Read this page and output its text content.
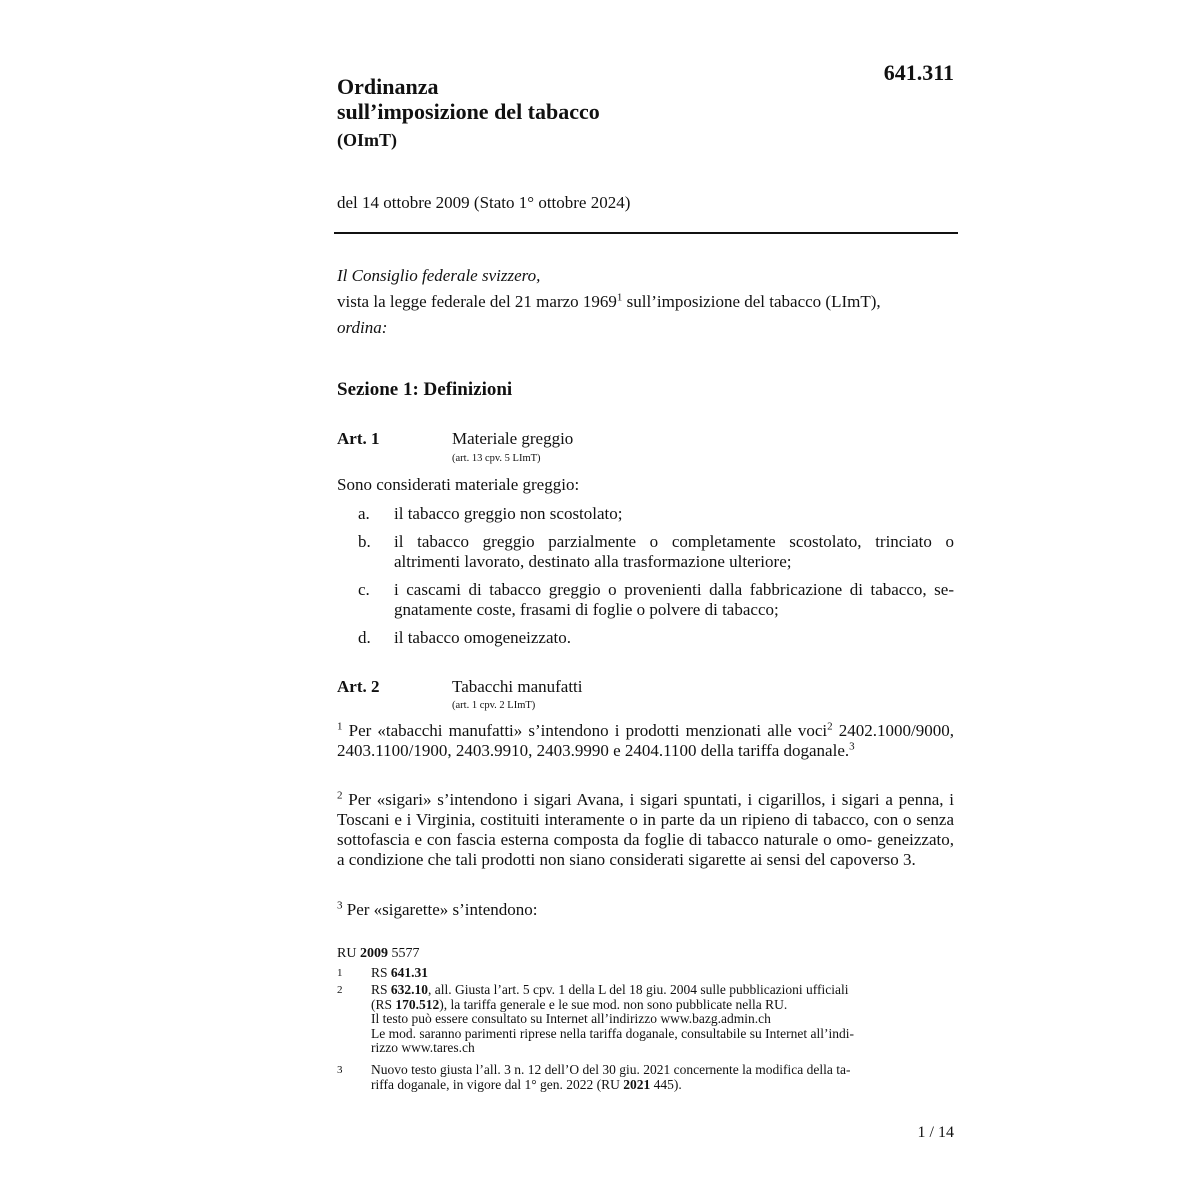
641.311
Ordinanza
sull’imposizione del tabacco
(OImT)
del 14 ottobre 2009 (Stato 1° ottobre 2024)
Il Consiglio federale svizzero,
vista la legge federale del 21 marzo 1969$^1$ sull’imposizione del tabacco (LImT),
ordina:
Sezione 1: Definizioni
Art. 1	Materiale greggio
(art. 13 cpv. 5 LImT)
Sono considerati materiale greggio:
a. il tabacco greggio non scostolato;
b. il tabacco greggio parzialmente o completamente scostolato, trinciato o
altrimenti lavorato, destinato alla trasformazione ulteriore;
c. i cascami di tabacco greggio o provenienti dalla fabbricazione di tabacco, se-
gnatamente coste, frasami di foglie o polvere di tabacco;
d. il tabacco omogeneizzato.
Art. 2	Tabacchi manufatti
(art. 1 cpv. 2 LImT)
$^1$ Per «tabacchi manufatti» s’intendono i prodotti menzionati alle voci$^2$ 2402.1000/9000, 2403.1100/1900, 2403.9910, 2403.9990 e 2404.1100 della tariffa doganale.$^3$
$^2$ Per «sigari» s’intendono i sigari Avana, i sigari spuntati, i cigarillos, i sigari a penna, i Toscani e i Virginia, costituiti interamente o in parte da un ripieno di tabacco, con o senza sottofascia e con fascia esterna composta da foglie di tabacco naturale o omo- geneizzato, a condizione che tali prodotti non siano considerati sigarette ai sensi del capoverso 3.
$^3$ Per «sigarette» s’intendono:
RU 2009 5577
1 RS 641.31
2 RS 632.10, all. Giusta l’art. 5 cpv. 1 della L del 18 giu. 2004 sulle pubblicazioni ufficiali
(RS 170.512), la tariffa generale e le sue mod. non sono pubblicate nella RU.
Il testo può essere consultato su Internet all’indirizzo www.bazg.admin.ch
Le mod. saranno parimenti riprese nella tariffa doganale, consultabile su Internet all’indi-
rizzo www.tares.ch
3 Nuovo testo giusta l’all. 3 n. 12 dell’O del 30 giu. 2021 concernente la modifica della ta-
riffa doganale, in vigore dal 1° gen. 2022 (RU 2021 445).
1 / 14
